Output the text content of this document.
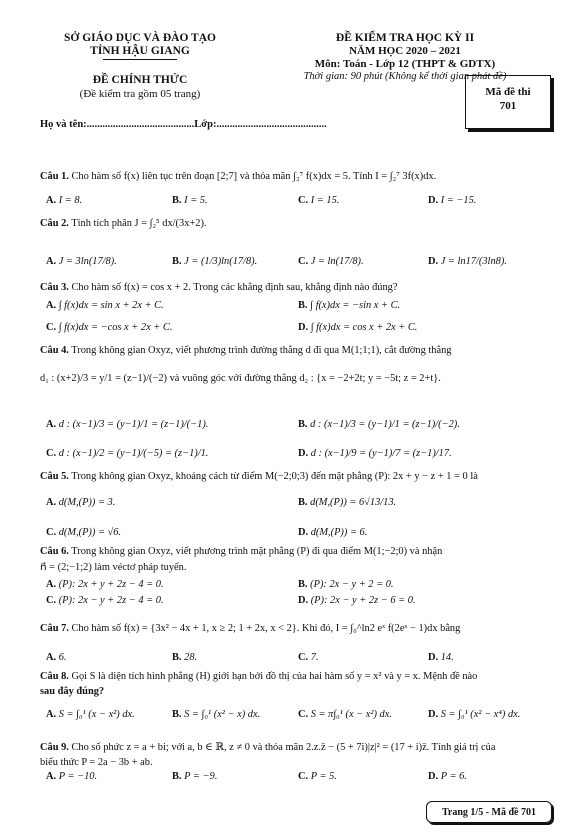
SỞ GIÁO DỤC VÀ ĐÀO TẠO
TỈNH HẬU GIANG
ĐỀ CHÍNH THỨC
(Đề kiểm tra gồm 05 trang)
ĐỀ KIỂM TRA HỌC KỲ II
NĂM HỌC 2020 – 2021
Môn: Toán - Lớp 12 (THPT & GDTX)
Thời gian: 90 phút (Không kể thời gian phát đề)
Mã đề thi
701
Họ và tên:.........................................Lớp:..........................................
Câu 1. Cho hàm số f(x) liên tục trên đoạn [2;7] và thỏa mãn ∫₂⁷ f(x)dx = 5. Tính I = ∫₂⁷ 3f(x)dx.
A. I = 8.	B. I = 5.	C. I = 15.	D. I = −15.
Câu 2. Tính tích phân J = ∫₂⁵ dx/(3x+2).
A. J = 3ln(17/8).	B. J = (1/3)ln(17/8).	C. J = ln(17/8).	D. J = ln17/(3ln8).
Câu 3. Cho hàm số f(x) = cos x + 2. Trong các khẳng định sau, khẳng định nào đúng?
A. ∫ f(x)dx = sin x + 2x + C.	B. ∫ f(x)dx = −sin x + C.
C. ∫ f(x)dx = −cos x + 2x + C.	D. ∫ f(x)dx = cos x + 2x + C.
Câu 4. Trong không gian Oxyz, viết phương trình đường thẳng d đi qua M(1;1;1), cắt đường thẳng
d₁ : (x+2)/3 = y/1 = (z−1)/(−2) và vuông góc với đường thẳng d₂ : {x = −2+2t; y = −5t; z = 2+t}.
A. d : (x−1)/3 = (y−1)/1 = (z−1)/(−1).	B. d : (x−1)/3 = (y−1)/1 = (z−1)/(−2).
C. d : (x−1)/2 = (y−1)/(−5) = (z−1)/1.	D. d : (x−1)/9 = (y−1)/7 = (z−1)/17.
Câu 5. Trong không gian Oxyz, khoảng cách từ điểm M(−2;0;3) đến mặt phẳng (P): 2x + y − z + 1 = 0 là
A. d(M,(P)) = 3.	B. d(M,(P)) = 6√13/13.
C. d(M,(P)) = √6.	D. d(M,(P)) = 6.
Câu 6. Trong không gian Oxyz, viết phương trình mặt phẳng (P) đi qua điểm M(1;−2;0) và nhận
n⃗ = (2;−1;2) làm véctơ pháp tuyến.
A. (P): 2x + y + 2z − 4 = 0.	B. (P): 2x − y + 2 = 0.
C. (P): 2x − y + 2z − 4 = 0.	D. (P): 2x − y + 2z − 6 = 0.
Câu 7. Cho hàm số f(x) = {3x² − 4x + 1, x ≥ 2; 1 + 2x, x < 2}. Khi đó, I = ∫₀^ln2 eˣ f(2eˣ − 1)dx bằng
A. 6.	B. 28.	C. 7.	D. 14.
Câu 8. Gọi S là diện tích hình phẳng (H) giới hạn bởi đồ thị của hai hàm số y = x² và y = x. Mệnh đề nào
sau đây đúng?
A. S = ∫₀¹ (x − x²) dx.	B. S = ∫₀¹ (x² − x) dx.	C. S = π∫₀¹ (x − x²) dx.	D. S = ∫₀¹ (x² − x⁴) dx.
Câu 9. Cho số phức z = a + bi; với a, b ∈ ℝ, z ≠ 0 và thỏa mãn 2.z.z̄ − (5 + 7i)|z|² = (17 + i)z̄. Tính giá trị của
biểu thức P = 2a − 3b + ab.
A. P = −10.	B. P = −9.	C. P = 5.	D. P = 6.
Trang 1/5 - Mã đề 701
